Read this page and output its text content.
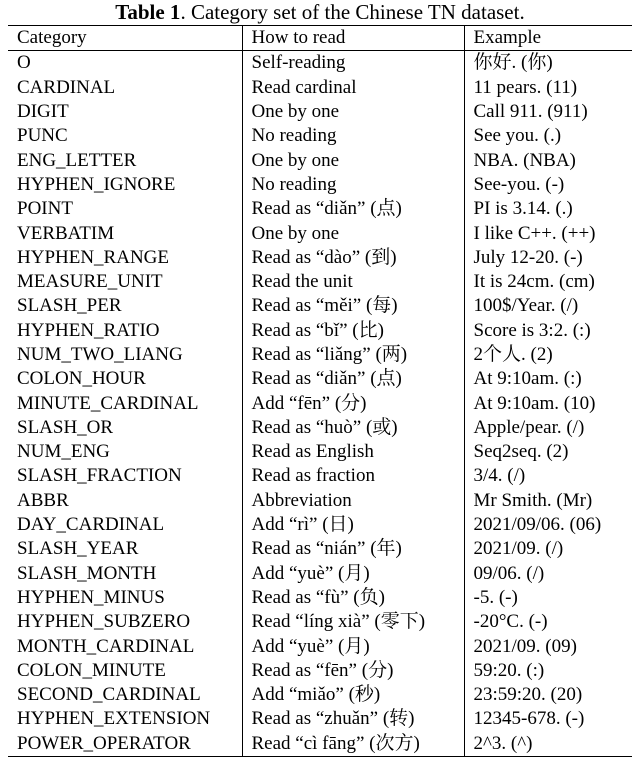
Table 1. Category set of the Chinese TN dataset.

Category	How to read	Example
O	Self-reading	你好. (你)
CARDINAL	Read cardinal	11 pears. (11)
DIGIT	One by one	Call 911. (911)
PUNC	No reading	See you. (.)
ENG_LETTER	One by one	NBA. (NBA)
HYPHEN_IGNORE	No reading	See-you. (-)
POINT	Read as “diǎn” (点)	PI is 3.14. (.)
VERBATIM	One by one	I like C++. (++)
HYPHEN_RANGE	Read as “dào” (到)	July 12-20. (-)
MEASURE_UNIT	Read the unit	It is 24cm. (cm)
SLASH_PER	Read as “měi” (每)	100$/Year. (/)
HYPHEN_RATIO	Read as “bǐ” (比)	Score is 3:2. (:)
NUM_TWO_LIANG	Read as “liǎng” (两)	2个人. (2)
COLON_HOUR	Read as “diǎn” (点)	At 9:10am. (:)
MINUTE_CARDINAL	Add “fēn” (分)	At 9:10am. (10)
SLASH_OR	Read as “huò” (或)	Apple/pear. (/)
NUM_ENG	Read as English	Seq2seq. (2)
SLASH_FRACTION	Read as fraction	3/4. (/)
ABBR	Abbreviation	Mr Smith. (Mr)
DAY_CARDINAL	Add “rì” (日)	2021/09/06. (06)
SLASH_YEAR	Read as “nián” (年)	2021/09. (/)
SLASH_MONTH	Add “yuè” (月)	09/06. (/)
HYPHEN_MINUS	Read as “fù” (负)	-5. (-)
HYPHEN_SUBZERO	Read “líng xià” (零下)	-20°C. (-)
MONTH_CARDINAL	Add “yuè” (月)	2021/09. (09)
COLON_MINUTE	Read as “fēn” (分)	59:20. (:)
SECOND_CARDINAL	Add “miǎo” (秒)	23:59:20. (20)
HYPHEN_EXTENSION	Read as “zhuǎn” (转)	12345-678. (-)
POWER_OPERATOR	Read “cì fāng” (次方)	2^3. (^)
